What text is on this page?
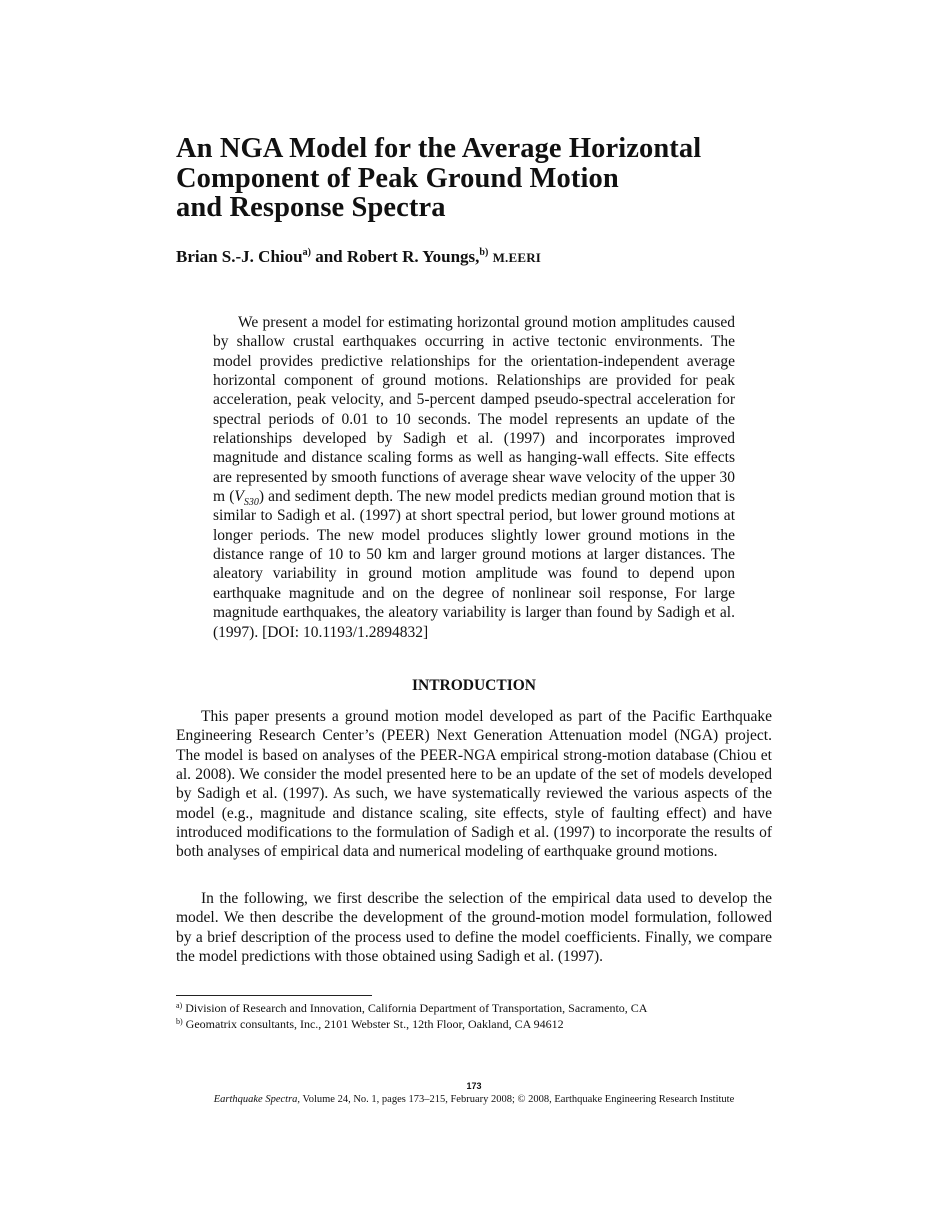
An NGA Model for the Average Horizontal
Component of Peak Ground Motion
and Response Spectra
Brian S.-J. Chiou$^{a)}$ and Robert R. Youngs,$^{b)}$ M.EERI

We present a model for estimating horizontal ground motion amplitudes caused by shallow crustal earthquakes occurring in active tectonic environments. The model provides predictive relationships for the orientation-independent average horizontal component of ground motions. Relationships are provided for peak acceleration, peak velocity, and 5-percent damped pseudo-spectral acceleration for spectral periods of 0.01 to 10 seconds. The model represents an update of the relationships developed by Sadigh et al. (1997) and incorporates improved magnitude and distance scaling forms as well as hanging-wall effects. Site effects are represented by smooth functions of average shear wave velocity of the upper 30 m $(V_{S30})$ and sediment depth. The new model predicts median ground motion that is similar to Sadigh et al. (1997) at short spectral period, but lower ground motions at longer periods. The new model produces slightly lower ground motions in the distance range of 10 to 50 km and larger ground motions at larger distances. The aleatory variability in ground motion amplitude was found to depend upon earthquake magnitude and on the degree of nonlinear soil response, For large magnitude earthquakes, the aleatory variability is larger than found by Sadigh et al. (1997). [DOI: 10.1193/1.2894832]

INTRODUCTION

This paper presents a ground motion model developed as part of the Pacific Earthquake Engineering Research Center’s (PEER) Next Generation Attenuation model (NGA) project. The model is based on analyses of the PEER-NGA empirical strong-motion database (Chiou et al. 2008). We consider the model presented here to be an update of the set of models developed by Sadigh et al. (1997). As such, we have systematically reviewed the various aspects of the model (e.g., magnitude and distance scaling, site effects, style of faulting effect) and have introduced modifications to the formulation of Sadigh et al. (1997) to incorporate the results of both analyses of empirical data and numerical modeling of earthquake ground motions.

In the following, we first describe the selection of the empirical data used to develop the model. We then describe the development of the ground-motion model formulation, followed by a brief description of the process used to define the model coefficients. Finally, we compare the model predictions with those obtained using Sadigh et al. (1997).

$^{a)}$ Division of Research and Innovation, California Department of Transportation, Sacramento, CA
$^{b)}$ Geomatrix consultants, Inc., 2101 Webster St., 12th Floor, Oakland, CA 94612
173
Earthquake Spectra, Volume 24, No. 1, pages 173–215, February 2008; © 2008, Earthquake Engineering Research Institute
